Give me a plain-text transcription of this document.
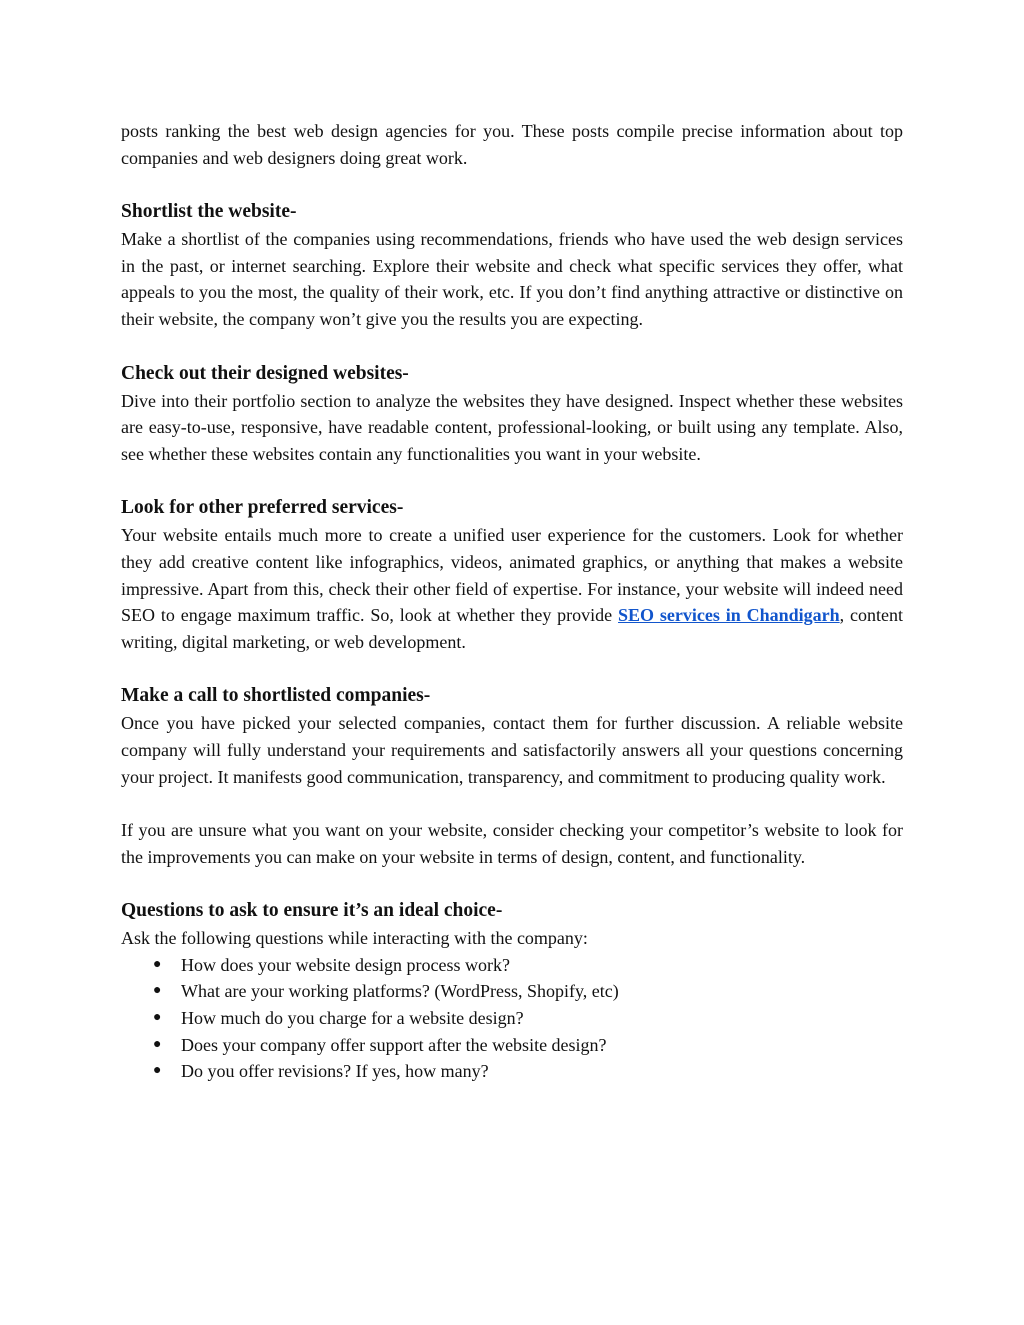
posts ranking the best web design agencies for you. These posts compile precise information about top companies and web designers doing great work.

Shortlist the website-

Make a shortlist of the companies using recommendations, friends who have used the web design services in the past, or internet searching. Explore their website and check what specific services they offer, what appeals to you the most, the quality of their work, etc. If you don’t find anything attractive or distinctive on their website, the company won’t give you the results you are expecting.

Check out their designed websites-

Dive into their portfolio section to analyze the websites they have designed. Inspect whether these websites are easy-to-use, responsive, have readable content, professional-looking, or built using any template. Also, see whether these websites contain any functionalities you want in your website.

Look for other preferred services-

Your website entails much more to create a unified user experience for the customers. Look for whether they add creative content like infographics, videos, animated graphics, or anything that makes a website impressive. Apart from this, check their other field of expertise. For instance, your website will indeed need SEO to engage maximum traffic. So, look at whether they provide SEO services in Chandigarh, content writing, digital marketing, or web development.

Make a call to shortlisted companies-

Once you have picked your selected companies, contact them for further discussion. A reliable website company will fully understand your requirements and satisfactorily answers all your questions concerning your project. It manifests good communication, transparency, and commitment to producing quality work.

If you are unsure what you want on your website, consider checking your competitor’s website to look for the improvements you can make on your website in terms of design, content, and functionality.

Questions to ask to ensure it’s an ideal choice-

Ask the following questions while interacting with the company:

● How does your website design process work?
● What are your working platforms? (WordPress, Shopify, etc)
● How much do you charge for a website design?
● Does your company offer support after the website design?
● Do you offer revisions? If yes, how many?
